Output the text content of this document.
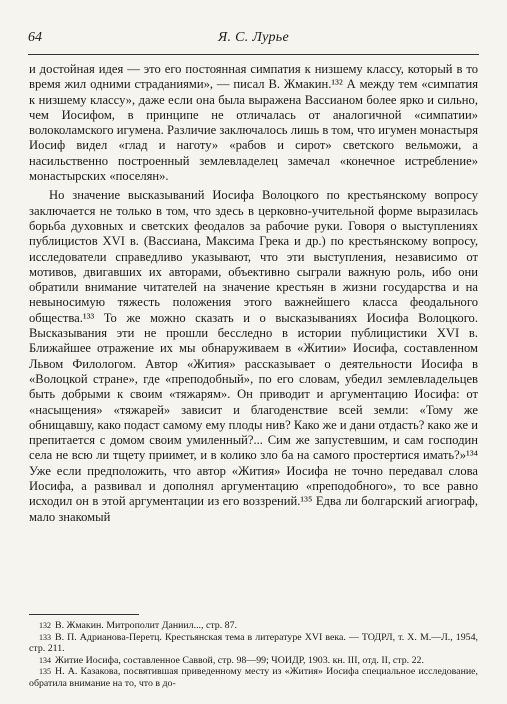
64	Я. С. Лурье

и достойная идея — это его постоянная симпатия к низшему классу, который в то время жил одними страданиями», — писал В. Жмакин.¹³² А между тем «симпатия к низшему классу», даже если она была выражена Вассианом более ярко и сильно, чем Иосифом, в принципе не отличалась от аналогичной «симпатии» волоколамского игумена. Различие заключалось лишь в том, что игумен монастыря Иосиф видел «глад и наготу» «рабов и сирот» светского вельможи, а насильственно построенный землевладелец замечал «конечное истребление» монастырских «поселян».

Но значение высказываний Иосифа Волоцкого по крестьянскому вопросу заключается не только в том, что здесь в церковно-учительной форме выразилась борьба духовных и светских феодалов за рабочие руки. Говоря о выступлениях публицистов XVI в. (Вассиана, Максима Грека и др.) по крестьянскому вопросу, исследователи справедливо указывают, что эти выступления, независимо от мотивов, двигавших их авторами, объективно сыграли важную роль, ибо они обратили внимание читателей на значение крестьян в жизни государства и на невыносимую тяжесть положения этого важнейшего класса феодального общества.¹³³ То же можно сказать и о высказываниях Иосифа Волоцкого. Высказывания эти не прошли бесследно в истории публицистики XVI в. Ближайшее отражение их мы обнаруживаем в «Житии» Иосифа, составленном Львом Филологом. Автор «Жития» рассказывает о деятельности Иосифа в «Волоцкой стране», где «преподобный», по его словам, убедил землевладельцев быть добрыми к своим «тяжарям». Он приводит и аргументацию Иосифа: от «насыщения» «тяжарей» зависит и благоденствие всей земли: «Тому же обнищавшу, како подаст самому ему плоды нив? Како же и дани отдасть? како же и препитается с домом своим умиленный?... Сим же запустевшим, и сам господин села не всю ли тщету приимет, и в колико зло ба на самого простертися имать?»¹³⁴ Уже если предположить, что автор «Жития» Иосифа не точно передавал слова Иосифа, а развивал и дополнял аргументацию «преподобного», то все равно исходил он в этой аргументации из его воззрений.¹³⁵ Едва ли болгарский агиограф, мало знакомый

132 В. Жмакин. Митрополит Даниил..., стр. 87.

133 В. П. Адрианова-Перетц. Крестьянская тема в литературе XVI века. — ТОДРЛ, т. X. М.—Л., 1954, стр. 211.

134 Житие Иосифа, составленное Саввой, стр. 98—99; ЧОИДР, 1903. кн. III, отд. II, стр. 22.

135 Н. А. Казакова, посвятившая приведенному месту из «Жития» Иосифа специальное исследование, обратила внимание на то, что в до-
